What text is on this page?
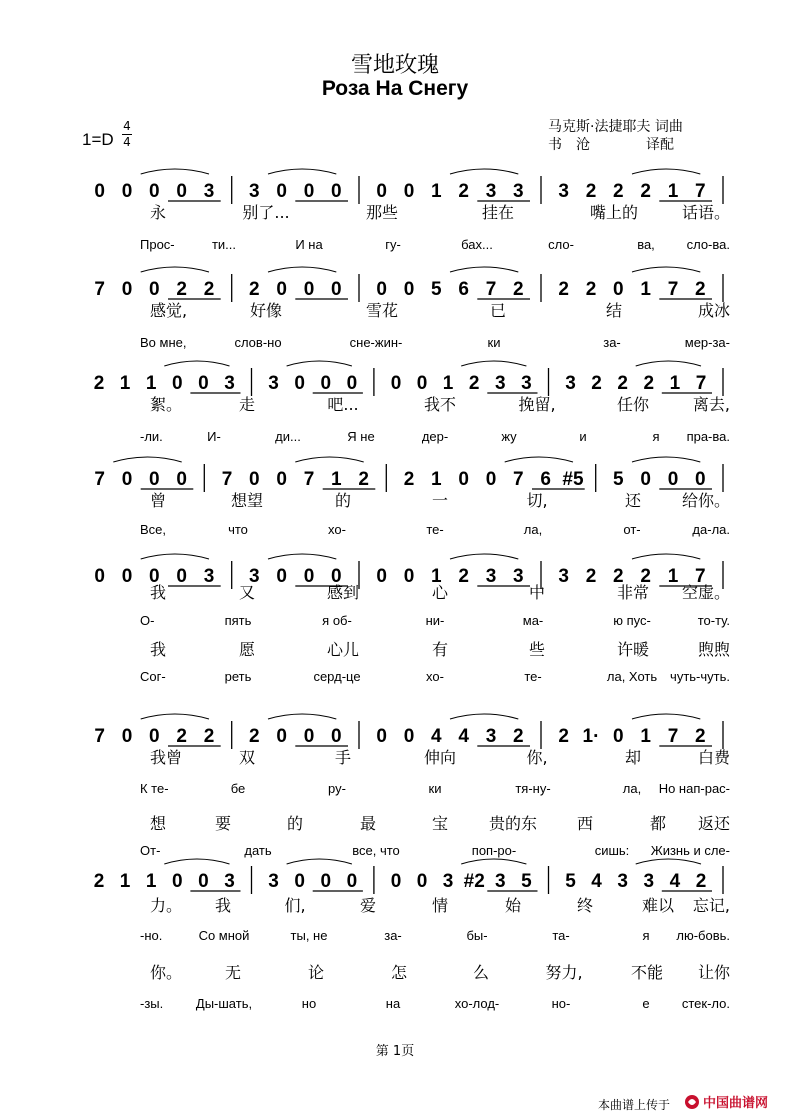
雪地玫瑰
Роза На Снегу
马克斯·法捷耶夫 词曲
书　沧　　　　译配
1=D
4
4
0 0 0 0 3 3 0 0 0 0 0 1 2 3 3 3 2 2 2 1 7
永	别了...	那些	挂在	嘴上的	话语。
Прос-	ти...	И на	гу-	бах...	сло-	ва, сло-ва.
7 0 0 2 2 2 0 0 0 0 0 5 6 7 2 2 2 0 1 7 2
感觉,	好像	雪花	已	结	成冰
Во мне,	слов-но	сне-жин-	ки	за-	мер-за-
2 1 1 0 0 3 3 0 0 0 0 0 1 2 3 3 3 2 2 2 1 7
絮。	走	吧...	我不	挽留,	任你	离去,
-ли.	И-	ди...	Я не	дер-	жу	и	я пра-ва.
7 0 0 0 7 0 0 7 1 2 2 1 0 0 7 6 #5 5 0 0 0
曾	想望	的	一	切,	还	给你。
Все,	что	хо-	те-	ла,	от-	да-ла.
0 0 0 0 3 3 0 0 0 0 0 1 2 3 3 3 2 2 2 1 7
我	又	感到	心	中	非常 空虚。
О-	пять	я об-	ни-	ма-	ю пус-	то-ту.
我	愿	心儿	有	些	许暖	煦煦
Сог-	реть	серд-це	хо-	те-	ла, Хоть чуть-чуть.
7 0 0 2 2 2 0 0 0 0 0 4 4 3 2 2 1· 0 1 7 2
我曾	双	手	伸向	你,	却	白费
К те-	бе	ру-	ки	тя-ну-	ла, Но нап-рас-
想	要	的	最	宝	贵的东 西	都 返还
От-	дать	все, что	поп-ро-	сишь: Жизнь и сле-
2 1 1 0 0 3 3 0 0 0 0 0 3 #2 3 5 5 4 3 3 4 2
力。 我	们,	爱	情	始	终	难以 忘记,
-но.	Со мной	ты, не	за-	бы-	та-	я лю-бовь.
你。	无	论	怎	么	努力,	不能 让你
-зы.	Ды-шать,	но	на	хо-лод-	но-	е стек-ло.
第 1页
本曲谱上传于	中国曲谱网
